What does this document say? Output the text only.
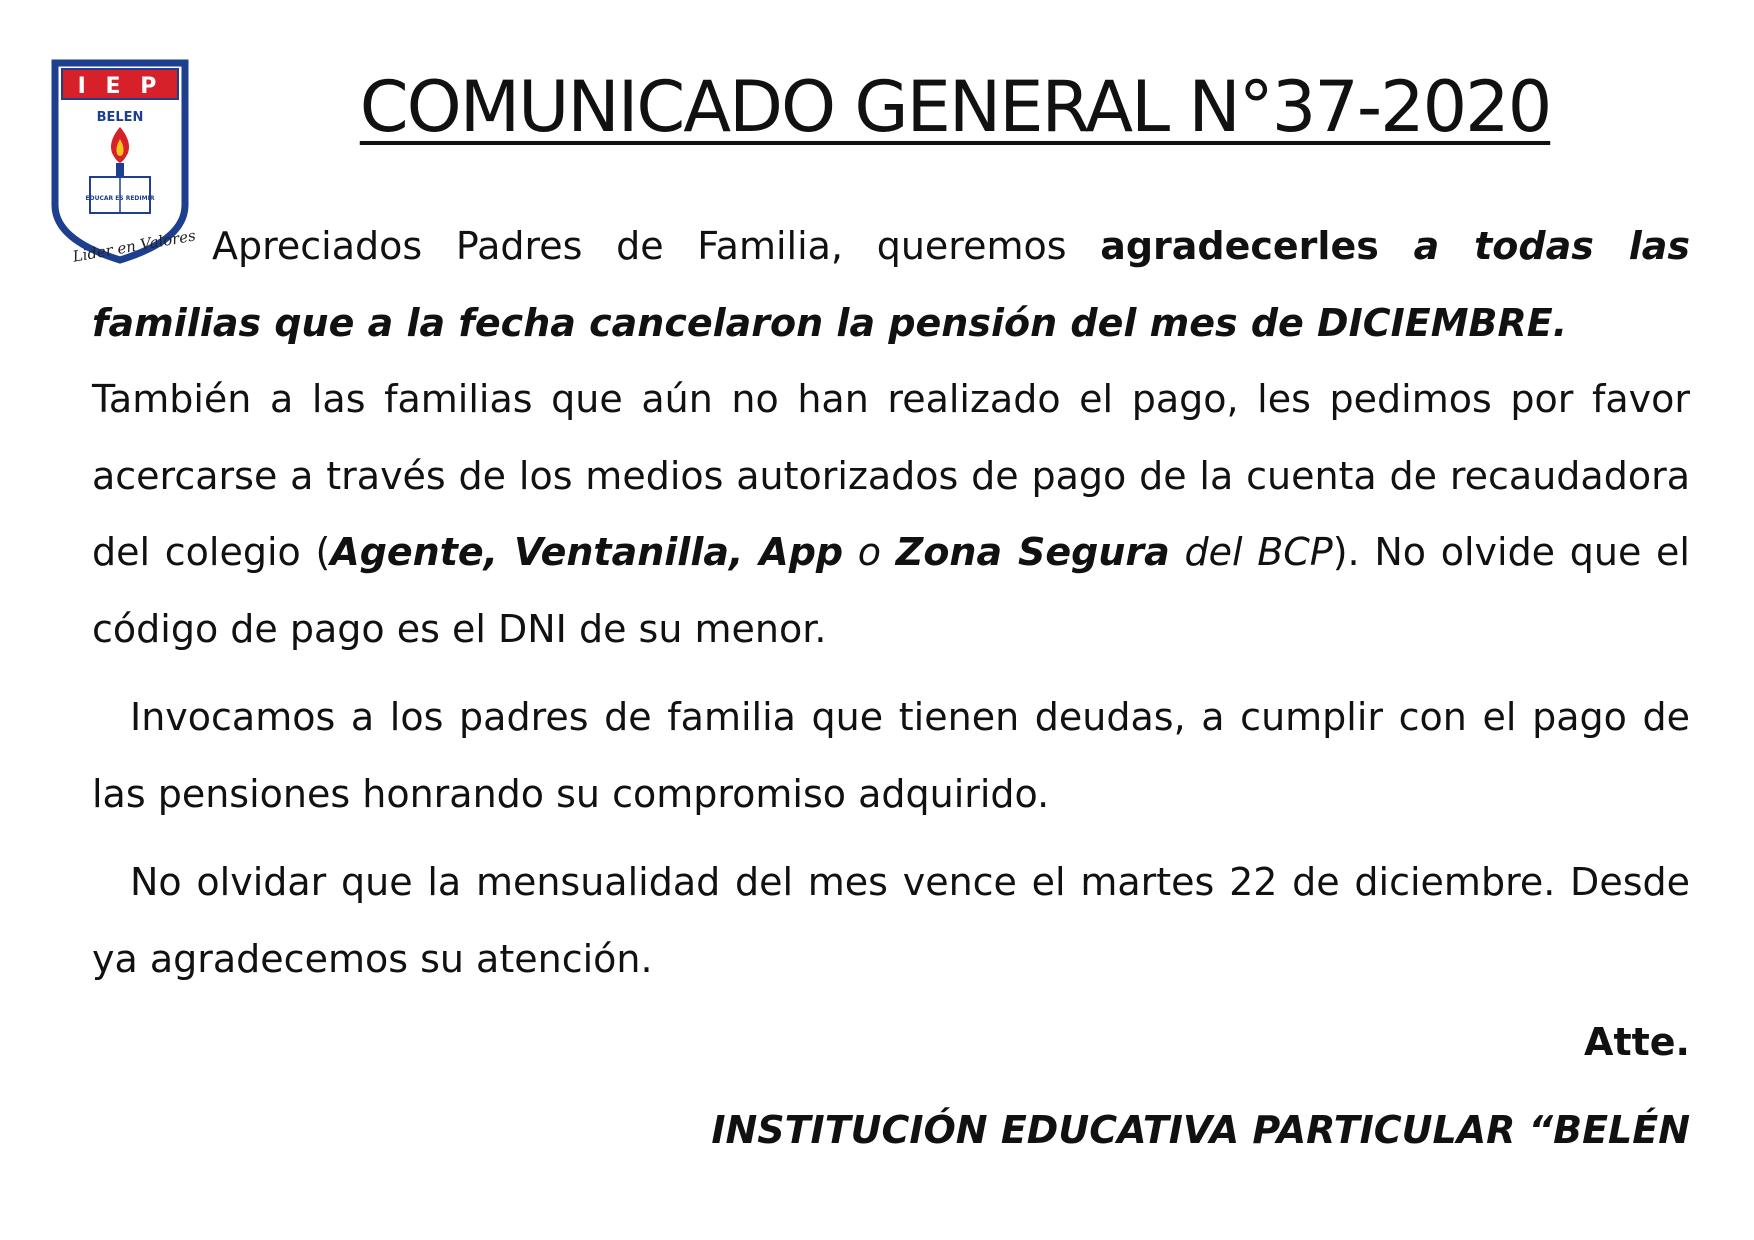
I E P
BELEN
EDUCAR ES REDIMIR
Lider en Valores
COMUNICADO GENERAL N°37-2020

Apreciados Padres de Familia, queremos agradecerles a todas las familias que a la fecha cancelaron la pensión del mes de DICIEMBRE.
También a las familias que aún no han realizado el pago, les pedimos por favor acercarse a través de los medios autorizados de pago de la cuenta de recaudadora del colegio (Agente, Ventanilla, App o Zona Segura del BCP). No olvide que el código de pago es el DNI de su menor.

Invocamos a los padres de familia que tienen deudas, a cumplir con el pago de las pensiones honrando su compromiso adquirido.

No olvidar que la mensualidad del mes vence el martes 22 de diciembre. Desde ya agradecemos su atención.

Atte.
INSTITUCIÓN EDUCATIVA PARTICULAR “BELÉN
